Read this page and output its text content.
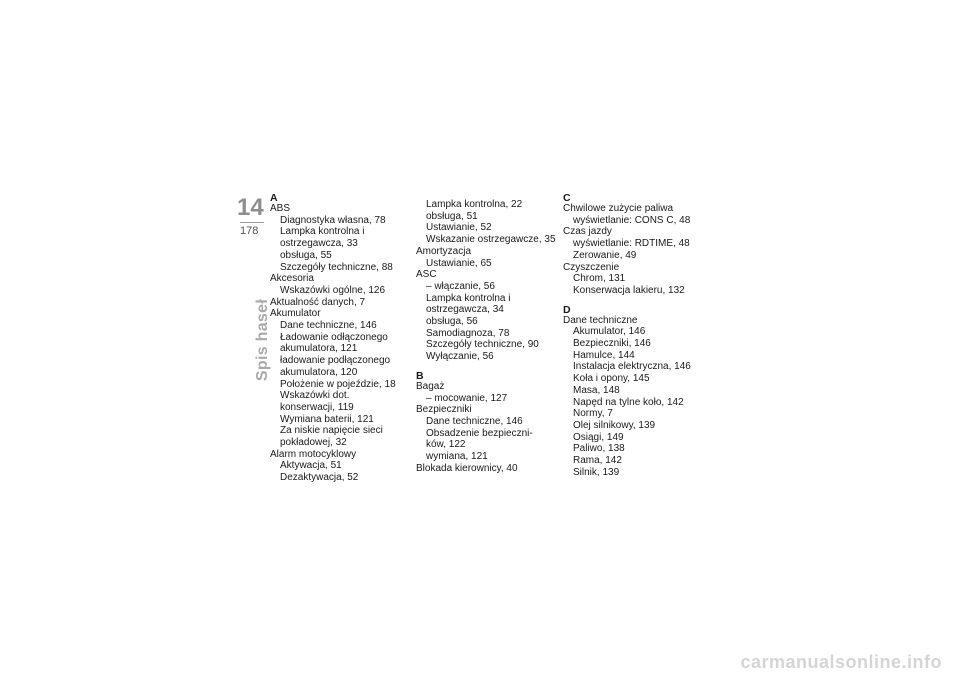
14
178
Spis haseł
A
ABS
Diagnostyka własna, 78
Lampka kontrolna i
ostrzegawcza, 33
obsługa, 55
Szczegóły techniczne, 88
Akcesoria
Wskazówki ogólne, 126
Aktualność danych, 7
Akumulator
Dane techniczne, 146
Ładowanie odłączonego
akumulatora, 121
ładowanie podłączonego
akumulatora, 120
Położenie w pojeździe, 18
Wskazówki dot.
konserwacji, 119
Wymiana baterii, 121
Za niskie napięcie sieci
pokładowej, 32
Alarm motocyklowy
Aktywacja, 51
Dezaktywacja, 52
Lampka kontrolna, 22
obsługa, 51
Ustawianie, 52
Wskazanie ostrzegawcze, 35
Amortyzacja
Ustawianie, 65
ASC
– włączanie, 56
Lampka kontrolna i
ostrzegawcza, 34
obsługa, 56
Samodiagnoza, 78
Szczegóły techniczne, 90
Wyłączanie, 56
B
Bagaż
– mocowanie, 127
Bezpieczniki
Dane techniczne, 146
Obsadzenie bezpieczni-
ków, 122
wymiana, 121
Blokada kierownicy, 40
C
Chwilowe zużycie paliwa
wyświetlanie: CONS C, 48
Czas jazdy
wyświetlanie: RDTIME, 48
Zerowanie, 49
Czyszczenie
Chrom, 131
Konserwacja lakieru, 132
D
Dane techniczne
Akumulator, 146
Bezpieczniki, 146
Hamulce, 144
Instalacja elektryczna, 146
Koła i opony, 145
Masa, 148
Napęd na tylne koło, 142
Normy, 7
Olej silnikowy, 139
Osiągi, 149
Paliwo, 138
Rama, 142
Silnik, 139
carmanualsonline.info
